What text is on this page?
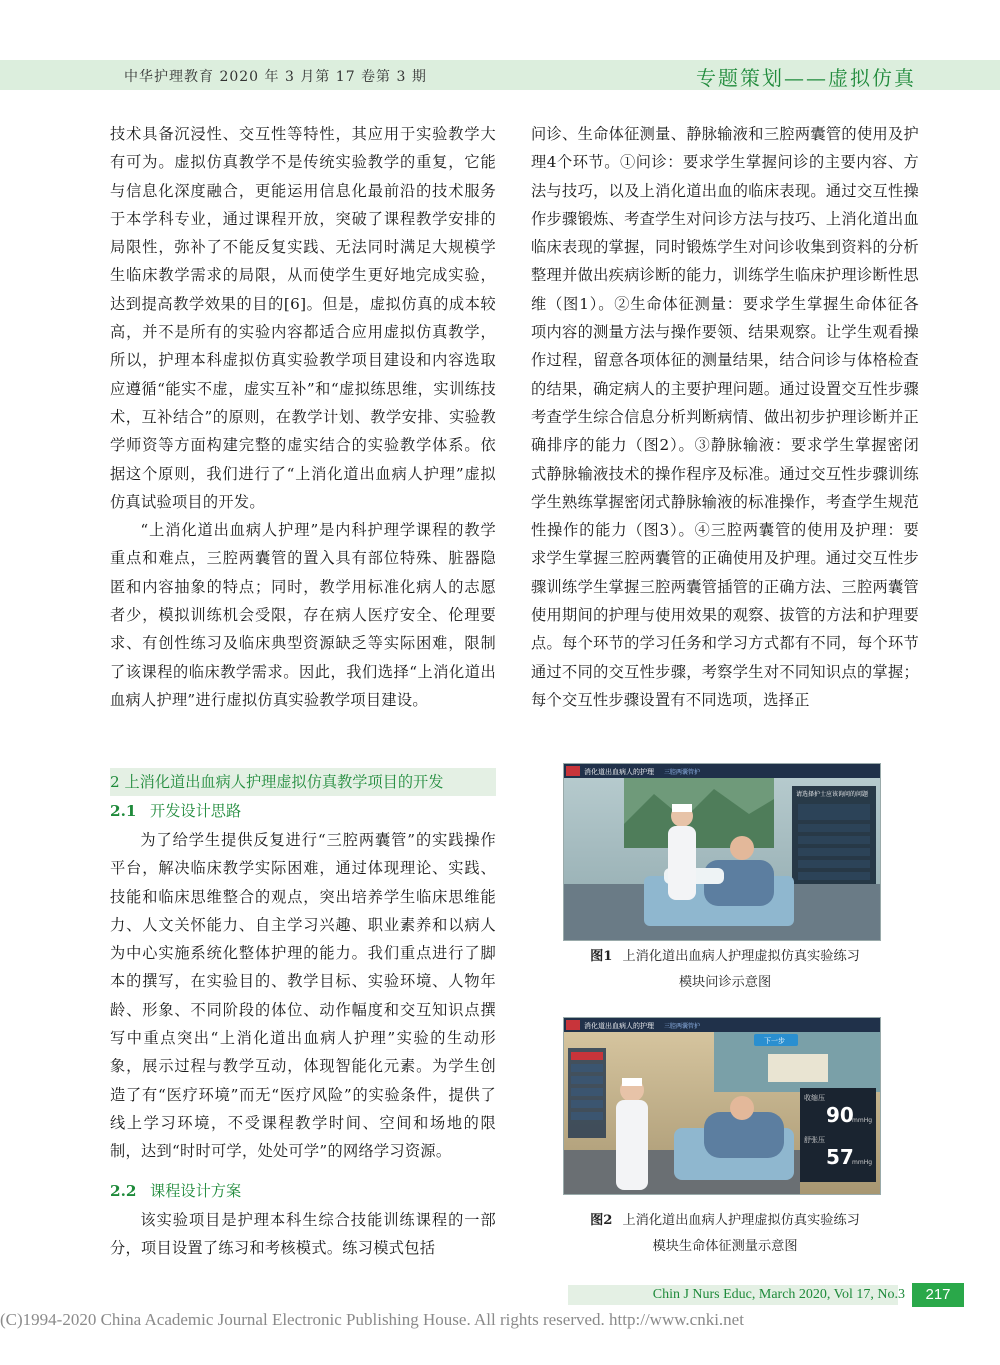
中华护理教育 2020 年 3 月第 17 卷第 3 期	专题策划——虚拟仿真

技术具备沉浸性、交互性等特性，其应用于实验教学大有可为。虚拟仿真教学不是传统实验教学的重复，它能与信息化深度融合，更能运用信息化最前沿的技术服务于本学科专业，通过课程开放，突破了课程教学安排的局限性，弥补了不能反复实践、无法同时满足大规模学生临床教学需求的局限，从而使学生更好地完成实验，达到提高教学效果的目的[6]。但是，虚拟仿真的成本较高，并不是所有的实验内容都适合应用虚拟仿真教学，所以，护理本科虚拟仿真实验教学项目建设和内容选取应遵循“能实不虚，虚实互补”和“虚拟练思维，实训练技术，互补结合”的原则，在教学计划、教学安排、实验教学师资等方面构建完整的虚实结合的实验教学体系。依据这个原则，我们进行了“上消化道出血病人护理”虚拟仿真试验项目的开发。

“上消化道出血病人护理”是内科护理学课程的教学重点和难点，三腔两囊管的置入具有部位特殊、脏器隐匿和内容抽象的特点；同时，教学用标准化病人的志愿者少，模拟训练机会受限，存在病人医疗安全、伦理要求、有创性练习及临床典型资源缺乏等实际困难，限制了该课程的临床教学需求。因此，我们选择“上消化道出血病人护理”进行虚拟仿真实验教学项目建设。

2 上消化道出血病人护理虚拟仿真教学项目的开发
2.1 开发设计思路

为了给学生提供反复进行“三腔两囊管”的实践操作平台，解决临床教学实际困难，通过体现理论、实践、技能和临床思维整合的观点，突出培养学生临床思维能力、人文关怀能力、自主学习兴趣、职业素养和以病人为中心实施系统化整体护理的能力。我们重点进行了脚本的撰写，在实验目的、教学目标、实验环境、人物年龄、形象、不同阶段的体位、动作幅度和交互知识点撰写中重点突出“上消化道出血病人护理”实验的生动形象，展示过程与教学互动，体现智能化元素。为学生创造了有“医疗环境”而无“医疗风险”的实验条件，提供了线上学习环境，不受课程教学时间、空间和场地的限制，达到“时时可学，处处可学”的网络学习资源。

2.2 课程设计方案

该实验项目是护理本科生综合技能训练课程的一部分，项目设置了练习和考核模式。练习模式包括

问诊、生命体征测量、静脉输液和三腔两囊管的使用及护理4个环节。①问诊：要求学生掌握问诊的主要内容、方法与技巧，以及上消化道出血的临床表现。通过交互性操作步骤锻炼、考查学生对问诊方法与技巧、上消化道出血临床表现的掌握，同时锻炼学生对问诊收集到资料的分析整理并做出疾病诊断的能力，训练学生临床护理诊断性思维（图1）。②生命体征测量：要求学生掌握生命体征各项内容的测量方法与操作要领、结果观察。让学生观看操作过程，留意各项体征的测量结果，结合问诊与体格检查的结果，确定病人的主要护理问题。通过设置交互性步骤考查学生综合信息分析判断病情、做出初步护理诊断并正确排序的能力（图2）。③静脉输液：要求学生掌握密闭式静脉输液技术的操作程序及标准。通过交互性步骤训练学生熟练掌握密闭式静脉输液的标准操作，考查学生规范性操作的能力（图3）。④三腔两囊管的使用及护理：要求学生掌握三腔两囊管的正确使用及护理。通过交互性步骤训练学生掌握三腔两囊管插管的正确方法、三腔两囊管使用期间的护理与使用效果的观察、拔管的方法和护理要点。每个环节的学习任务和学习方式都有不同，每个环节通过不同的交互性步骤，考察学生对不同知识点的掌握；每个交互性步骤设置有不同选项，选择正

消化道出血病人的护理 三腔两囊管护
请选择护士应该询问的问题
图1 上消化道出血病人护理虚拟仿真实验练习
模块问诊示意图
消化道出血病人的护理 三腔两囊管护
下一步
收缩压
90
mmHg
舒张压
57
mmHg
图2 上消化道出血病人护理虚拟仿真实验练习
模块生命体征测量示意图
Chin J Nurs Educ, March 2020, Vol 17, No.3	217
(C)1994-2020 China Academic Journal Electronic Publishing House. All rights reserved. http://www.cnki.net
